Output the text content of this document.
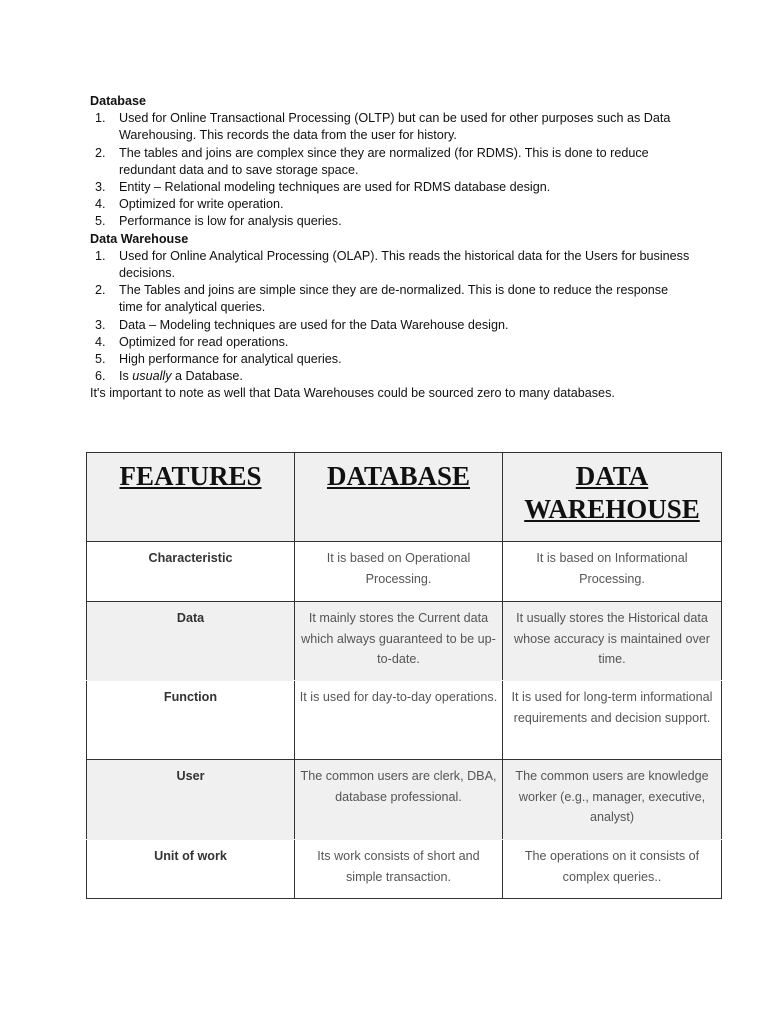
Database

1. Used for Online Transactional Processing (OLTP) but can be used for other purposes such as Data Warehousing. This records the data from the user for history.
2. The tables and joins are complex since they are normalized (for RDMS). This is done to reduce redundant data and to save storage space.
3. Entity – Relational modeling techniques are used for RDMS database design.
4. Optimized for write operation.
5. Performance is low for analysis queries.

Data Warehouse

1. Used for Online Analytical Processing (OLAP). This reads the historical data for the Users for business decisions.
2. The Tables and joins are simple since they are de-normalized. This is done to reduce the response time for analytical queries.
3. Data – Modeling techniques are used for the Data Warehouse design.
4. Optimized for read operations.
5. High performance for analytical queries.
6. Is usually a Database.

It's important to note as well that Data Warehouses could be sourced zero to many databases.

FEATURES	DATABASE	DATA WAREHOUSE
Characteristic	It is based on Operational Processing.	It is based on Informational Processing.
Data	It mainly stores the Current data which always guaranteed to be up-to-date.	It usually stores the Historical data whose accuracy is maintained over time.
Function	It is used for day-to-day operations.	It is used for long-term informational requirements and decision support.
User	The common users are clerk, DBA, database professional.	The common users are knowledge worker (e.g., manager, executive, analyst)
Unit of work	Its work consists of short and simple transaction.	The operations on it consists of complex queries..
